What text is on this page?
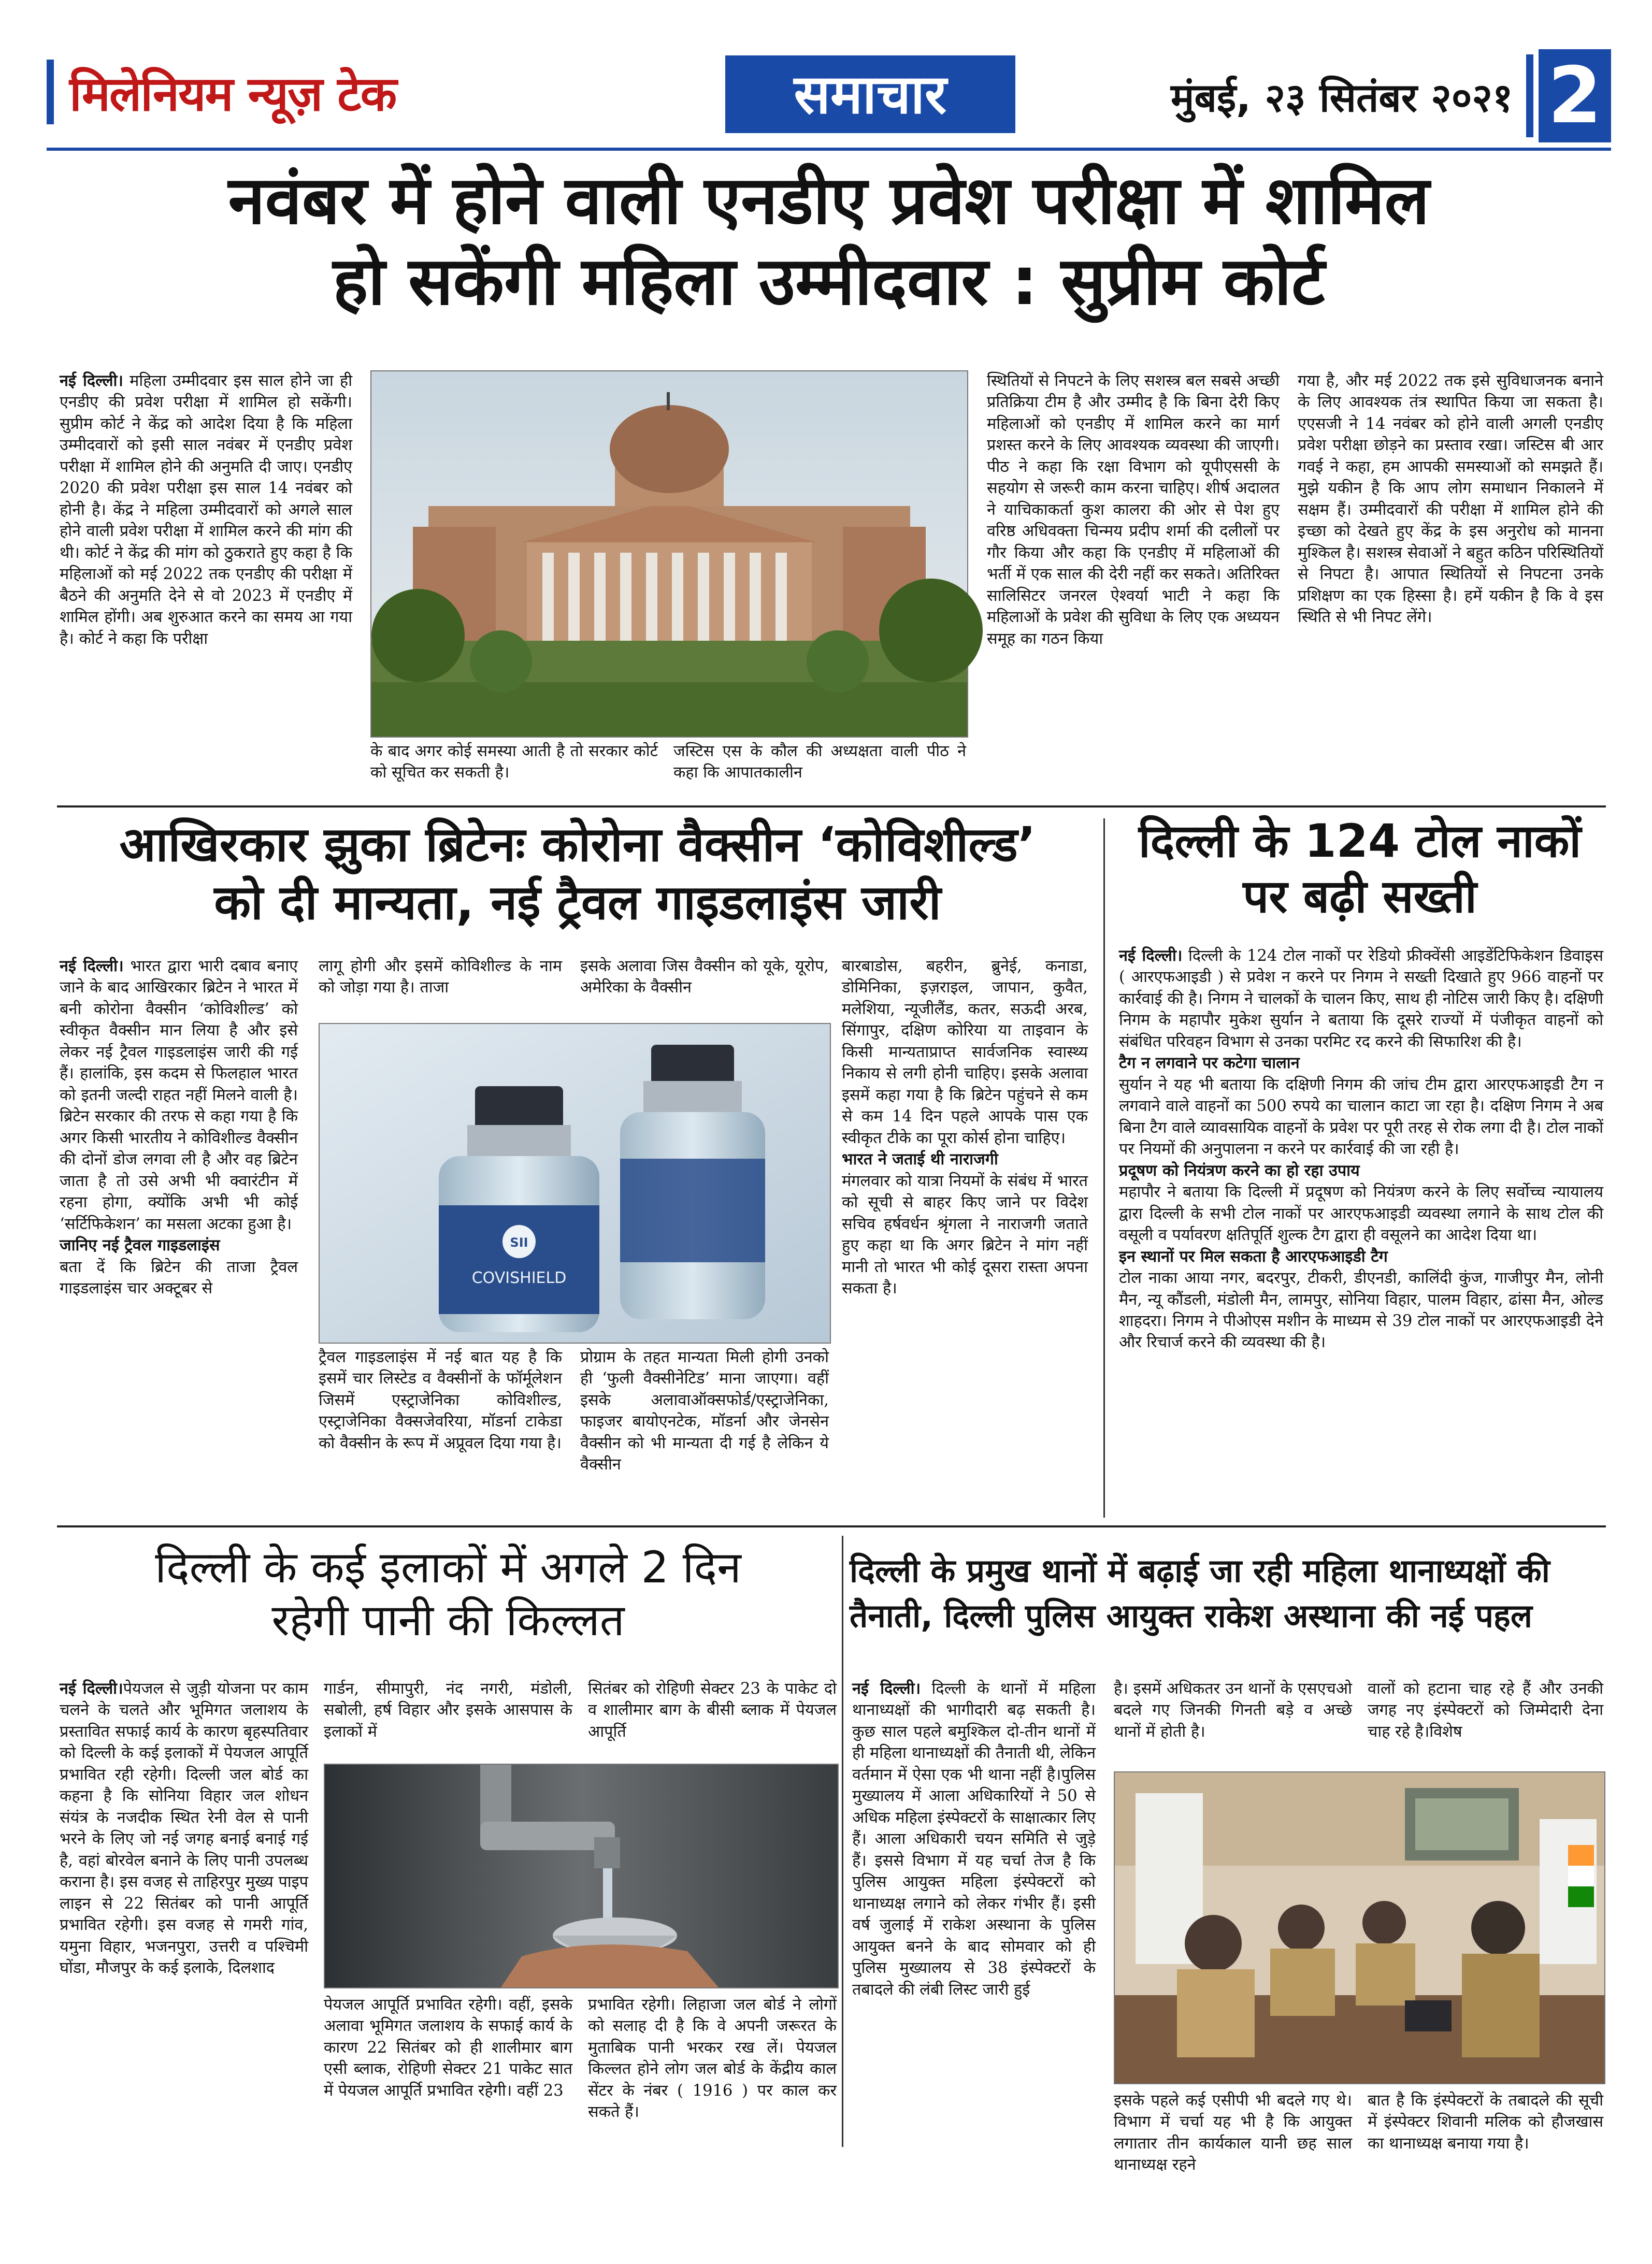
मिलेनियम न्यूज़ टेक	समाचार	मुंबई, २३ सितंबर २०२१ 2
नवंबर में होने वाली एनडीए प्रवेश परीक्षा में शामिल
हो सकेंगी महिला उम्मीदवार : सुप्रीम कोर्ट

नई दिल्ली। महिला उम्मीदवार इस साल होने जा ही एनडीए की प्रवेश परीक्षा में शामिल हो सकेंगी। सुप्रीम कोर्ट ने केंद्र को आदेश दिया है कि महिला उम्मीदवारों को इसी साल नवंबर में एनडीए प्रवेश परीक्षा में शामिल होने की अनुमति दी जाए। एनडीए 2020 की प्रवेश परीक्षा इस साल 14 नवंबर को होनी है। केंद्र ने महिला उम्मीदवारों को अगले साल होने वाली प्रवेश परीक्षा में शामिल करने की मांग की थी। कोर्ट ने केंद्र की मांग को ठुकराते हुए कहा है कि महिलाओं को मई 2022 तक एनडीए की परीक्षा में बैठने की अनुमति देने से वो 2023 में एनडीए में शामिल होंगी। अब शुरुआत करने का समय आ गया है। कोर्ट ने कहा कि परीक्षा

के बाद अगर कोई समस्या आती है तो सरकार कोर्ट को सूचित कर सकती है।

जस्टिस एस के कौल की अध्यक्षता वाली पीठ ने कहा कि आपातकालीन

स्थितियों से निपटने के लिए सशस्त्र बल सबसे अच्छी प्रतिक्रिया टीम है और उम्मीद है कि बिना देरी किए महिलाओं को एनडीए में शामिल करने का मार्ग प्रशस्त करने के लिए आवश्यक व्यवस्था की जाएगी। पीठ ने कहा कि रक्षा विभाग को यूपीएससी के सहयोग से जरूरी काम करना चाहिए। शीर्ष अदालत ने याचिकाकर्ता कुश कालरा की ओर से पेश हुए वरिष्ठ अधिवक्ता चिन्मय प्रदीप शर्मा की दलीलों पर गौर किया और कहा कि एनडीए में महिलाओं की भर्ती में एक साल की देरी नहीं कर सकते। अतिरिक्त सालिसिटर जनरल ऐश्वर्या भाटी ने कहा कि महिलाओं के प्रवेश की सुविधा के लिए एक अध्ययन समूह का गठन किया

गया है, और मई 2022 तक इसे सुविधाजनक बनाने के लिए आवश्यक तंत्र स्थापित किया जा सकता है। एएसजी ने 14 नवंबर को होने वाली अगली एनडीए प्रवेश परीक्षा छोड़ने का प्रस्ताव रखा। जस्टिस बी आर गवई ने कहा, हम आपकी समस्याओं को समझते हैं। मुझे यकीन है कि आप लोग समाधान निकालने में सक्षम हैं। उम्मीदवारों की परीक्षा में शामिल होने की इच्छा को देखते हुए केंद्र के इस अनुरोध को मानना मुश्किल है। सशस्त्र सेवाओं ने बहुत कठिन परिस्थितियों से निपटा है। आपात स्थितियों से निपटना उनके प्रशिक्षण का एक हिस्सा है। हमें यकीन है कि वे इस स्थिति से भी निपट लेंगे।

आखिरकार झुका ब्रिटेनः कोरोना वैक्सीन ‘कोविशील्ड’
को दी मान्यता, नई ट्रैवल गाइडलाइंस जारी

नई दिल्ली। भारत द्वारा भारी दबाव बनाए जाने के बाद आखिरकार ब्रिटेन ने भारत में बनी कोरोना वैक्सीन ‘कोविशील्ड’ को स्वीकृत वैक्सीन मान लिया है और इसे लेकर नई ट्रैवल गाइडलाइंस जारी की गई हैं। हालांकि, इस कदम से फिलहाल भारत को इतनी जल्दी राहत नहीं मिलने वाली है। ब्रिटेन सरकार की तरफ से कहा गया है कि अगर किसी भारतीय ने कोविशील्ड वैक्सीन की दोनों डोज लगवा ली है और वह ब्रिटेन जाता है तो उसे अभी भी क्वारंटीन में रहना होगा, क्योंकि अभी भी कोई ‘सर्टिफिकेशन’ का मसला अटका हुआ है।

जानिए नई ट्रैवल गाइडलाइंस

बता दें कि ब्रिटेन की ताजा ट्रैवल गाइडलाइंस चार अक्टूबर से

लागू होगी और इसमें कोविशील्ड के नाम को जोड़ा गया है। ताजा

इसके अलावा जिस वैक्सीन को यूके, यूरोप, अमेरिका के वैक्सीन

SII
COVISHIELD

ट्रैवल गाइडलाइंस में नई बात यह है कि इसमें चार लिस्टेड व वैक्सीनों के फॉर्मूलेशन जिसमें एस्ट्राजेनिका कोविशील्ड, एस्ट्राजेनिका वैक्सजेवरिया, मॉडर्ना टाकेडा को वैक्सीन के रूप में अप्रूवल दिया गया है।

प्रोग्राम के तहत मान्यता मिली होगी उनको ही ‘फुली वैक्सीनेटिड’ माना जाएगा। वहीं इसके अलावाऑक्सफोर्ड/एस्ट्राजेनिका, फाइजर बायोएनटेक, मॉडर्ना और जेनसेन वैक्सीन को भी मान्यता दी गई है लेकिन ये वैक्सीन

बारबाडोस, बहरीन, ब्रुनेई, कनाडा, डोमिनिका, इज़राइल, जापान, कुवैत, मलेशिया, न्यूजीलैंड, कतर, सऊदी अरब, सिंगापुर, दक्षिण कोरिया या ताइवान के किसी मान्यताप्राप्त सार्वजनिक स्वास्थ्य निकाय से लगी होनी चाहिए। इसके अलावा इसमें कहा गया है कि ब्रिटेन पहुंचने से कम से कम 14 दिन पहले आपके पास एक स्वीकृत टीके का पूरा कोर्स होना चाहिए।

भारत ने जताई थी नाराजगी

मंगलवार को यात्रा नियमों के संबंध में भारत को सूची से बाहर किए जाने पर विदेश सचिव हर्षवर्धन श्रृंगला ने नाराजगी जताते हुए कहा था कि अगर ब्रिटेन ने मांग नहीं मानी तो भारत भी कोई दूसरा रास्ता अपना सकता है।

दिल्ली के 124 टोल नाकों
पर बढ़ी सख्ती

नई दिल्ली। दिल्ली के 124 टोल नाकों पर रेडियो फ्रीक्वेंसी आइडेंटिफिकेशन डिवाइस ( आरएफआइडी ) से प्रवेश न करने पर निगम ने सख्ती दिखाते हुए 966 वाहनों पर कार्रवाई की है। निगम ने चालकों के चालन किए, साथ ही नोटिस जारी किए है। दक्षिणी निगम के महापौर मुकेश सुर्यान ने बताया कि दूसरे राज्यों में पंजीकृत वाहनों को संबंधित परिवहन विभाग से उनका परमिट रद करने की सिफारिश की है।

टैग न लगवाने पर कटेगा चालान

सुर्यान ने यह भी बताया कि दक्षिणी निगम की जांच टीम द्वारा आरएफआइडी टैग न लगवाने वाले वाहनों का 500 रुपये का चालान काटा जा रहा है। दक्षिण निगम ने अब बिना टैग वाले व्यावसायिक वाहनों के प्रवेश पर पूरी तरह से रोक लगा दी है। टोल नाकों पर नियमों की अनुपालना न करने पर कार्रवाई की जा रही है।

प्रदूषण को नियंत्रण करने का हो रहा उपाय

महापौर ने बताया कि दिल्ली में प्रदूषण को नियंत्रण करने के लिए सर्वोच्च न्यायालय द्वारा दिल्ली के सभी टोल नाकों पर आरएफआइडी व्यवस्था लगाने के साथ टोल की वसूली व पर्यावरण क्षतिपूर्ति शुल्क टैग द्वारा ही वसूलने का आदेश दिया था।

इन स्थानों पर मिल सकता है आरएफआइडी टैग

टोल नाका आया नगर, बदरपुर, टीकरी, डीएनडी, कालिंदी कुंज, गाजीपुर मैन, लोनी मैन, न्यू कौंडली, मंडोली मैन, लामपुर, सोनिया विहार, पालम विहार, ढांसा मैन, ओल्ड शाहदरा। निगम ने पीओएस मशीन के माध्यम से 39 टोल नाकों पर आरएफआइडी देने और रिचार्ज करने की व्यवस्था की है।

दिल्ली के कई इलाकों में अगले 2 दिन
रहेगी पानी की किल्लत

नई दिल्ली।पेयजल से जुड़ी योजना पर काम चलने के चलते और भूमिगत जलाशय के प्रस्तावित सफाई कार्य के कारण बृहस्पतिवार को दिल्ली के कई इलाकों में पेयजल आपूर्ति प्रभावित रही रहेगी। दिल्ली जल बोर्ड का कहना है कि सोनिया विहार जल शोधन संयंत्र के नजदीक स्थित रेनी वेल से पानी भरने के लिए जो नई जगह बनाई बनाई गई है, वहां बोरवेल बनाने के लिए पानी उपलब्ध कराना है। इस वजह से ताहिरपुर मुख्य पाइप लाइन से 22 सितंबर को पानी आपूर्ति प्रभावित रहेगी। इस वजह से गमरी गांव, यमुना विहार, भजनपुरा, उत्तरी व पश्चिमी घोंडा, मौजपुर के कई इलाके, दिलशाद

गार्डन, सीमापुरी, नंद नगरी, मंडोली, सबोली, हर्ष विहार और इसके आसपास के इलाकों में

सितंबर को रोहिणी सेक्टर 23 के पाकेट दो व शालीमार बाग के बीसी ब्लाक में पेयजल आपूर्ति

पेयजल आपूर्ति प्रभावित रहेगी। वहीं, इसके अलावा भूमिगत जलाशय के सफाई कार्य के कारण 22 सितंबर को ही शालीमार बाग एसी ब्लाक, रोहिणी सेक्टर 21 पाकेट सात में पेयजल आपूर्ति प्रभावित रहेगी। वहीं 23

प्रभावित रहेगी। लिहाजा जल बोर्ड ने लोगों को सलाह दी है कि वे अपनी जरूरत के मुताबिक पानी भरकर रख लें। पेयजल किल्लत होने लोग जल बोर्ड के केंद्रीय काल सेंटर के नंबर ( 1916 ) पर काल कर सकते हैं।

दिल्ली के प्रमुख थानों में बढ़ाई जा रही महिला थानाध्यक्षों की
तैनाती, दिल्ली पुलिस आयुक्त राकेश अस्थाना की नई पहल

नई दिल्ली। दिल्ली के थानों में महिला थानाध्यक्षों की भागीदारी बढ़ सकती है। कुछ साल पहले बमुश्किल दो-तीन थानों में ही महिला थानाध्यक्षों की तैनाती थी, लेकिन वर्तमान में ऐसा एक भी थाना नहीं है।पुलिस मुख्यालय में आला अधिकारियों ने 50 से अधिक महिला इंस्पेक्टरों के साक्षात्कार लिए हैं। आला अधिकारी चयन समिति से जुड़े हैं। इससे विभाग में यह चर्चा तेज है कि पुलिस आयुक्त महिला इंस्पेक्टरों को थानाध्यक्ष लगाने को लेकर गंभीर हैं। इसी वर्ष जुलाई में राकेश अस्थाना के पुलिस आयुक्त बनने के बाद सोमवार को ही पुलिस मुख्यालय से 38 इंस्पेक्टरों के तबादले की लंबी लिस्ट जारी हुई

है। इसमें अधिकतर उन थानों के एसएचओ बदले गए जिनकी गिनती बड़े व अच्छे थानों में होती है।

वालों को हटाना चाह रहे हैं और उनकी जगह नए इंस्पेक्टरों को जिम्मेदारी देना चाह रहे है।विशेष

इसके पहले कई एसीपी भी बदले गए थे। विभाग में चर्चा यह भी है कि आयुक्त लगातार तीन कार्यकाल यानी छह साल थानाध्यक्ष रहने

बात है कि इंस्पेक्टरों के तबादले की सूची में इंस्पेक्टर शिवानी मलिक को हौजखास का थानाध्यक्ष बनाया गया है।
